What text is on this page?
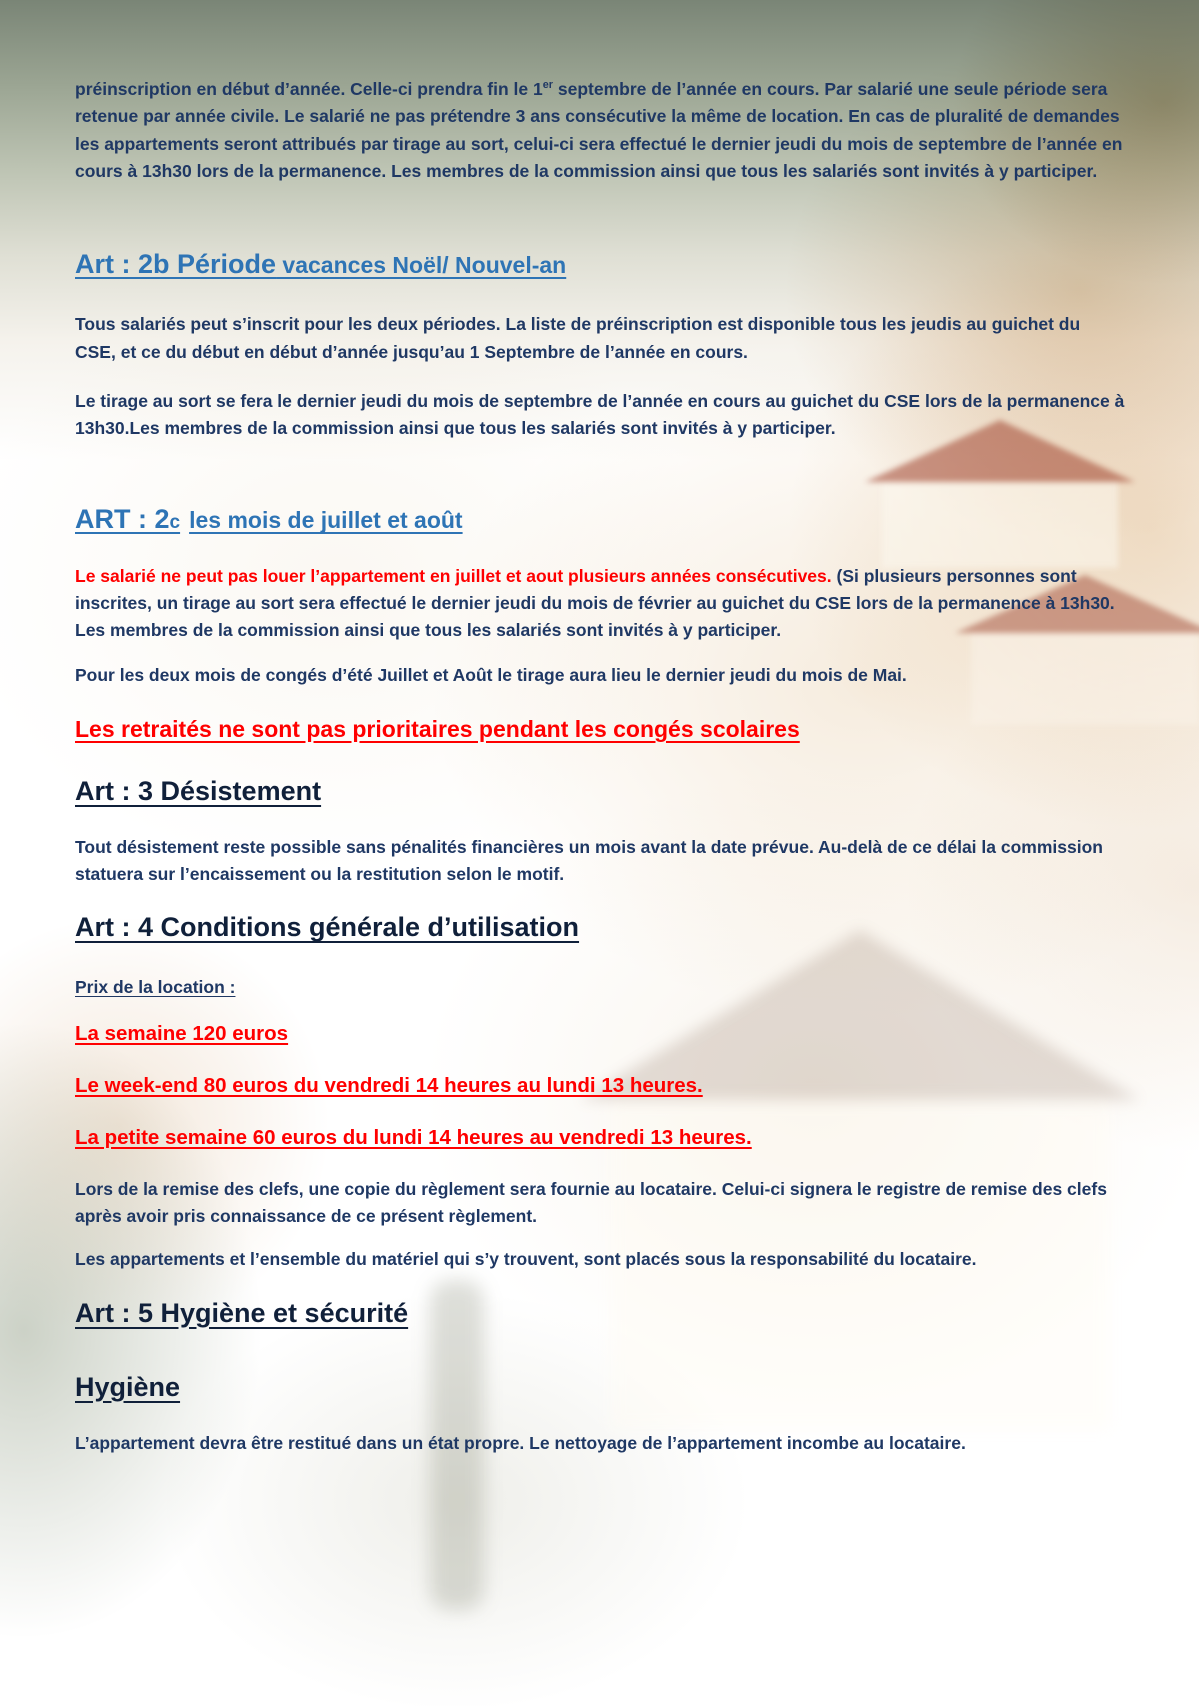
préinscription en début d’année. Celle-ci prendra fin le 1er septembre de l’année en cours. Par salarié une seule période sera retenue par année civile. Le salarié ne pas prétendre 3 ans consécutive la même de location. En cas de pluralité de demandes les appartements seront attribués par tirage au sort, celui-ci sera effectué le dernier jeudi du mois de septembre de l’année en cours à 13h30 lors de la permanence. Les membres de la commission ainsi que tous les salariés sont invités à y participer.

Art : 2b Période vacances Noël/ Nouvel-an

Tous salariés peut s’inscrit pour les deux périodes. La liste de préinscription est disponible tous les jeudis au guichet du CSE, et ce du début en début d’année jusqu’au 1 Septembre de l’année en cours.

Le tirage au sort se fera le dernier jeudi du mois de septembre de l’année en cours au guichet du CSE lors de la permanence à 13h30.Les membres de la commission ainsi que tous les salariés sont invités à y participer.

ART : 2c les mois de juillet et août

Le salarié ne peut pas louer l’appartement en juillet et aout plusieurs années consécutives. (Si plusieurs personnes sont inscrites, un tirage au sort sera effectué le dernier jeudi du mois de février au guichet du CSE lors de la permanence à 13h30. Les membres de la commission ainsi que tous les salariés sont invités à y participer.

Pour les deux mois de congés d’été Juillet et Août le tirage aura lieu le dernier jeudi du mois de Mai.

Les retraités ne sont pas prioritaires pendant les congés scolaires
Art : 3 Désistement

Tout désistement reste possible sans pénalités financières un mois avant la date prévue. Au-delà de ce délai la commission statuera sur l’encaissement ou la restitution selon le motif.

Art : 4 Conditions générale d’utilisation

Prix de la location :

La semaine 120 euros

Le week-end 80 euros du vendredi 14 heures au lundi 13 heures.

La petite semaine 60 euros du lundi 14 heures au vendredi 13 heures.

Lors de la remise des clefs, une copie du règlement sera fournie au locataire. Celui-ci signera le registre de remise des clefs après avoir pris connaissance de ce présent règlement.

Les appartements et l’ensemble du matériel qui s’y trouvent, sont placés sous la responsabilité du locataire.

Art : 5 Hygiène et sécurité
Hygiène

L’appartement devra être restitué dans un état propre. Le nettoyage de l’appartement incombe au locataire.
